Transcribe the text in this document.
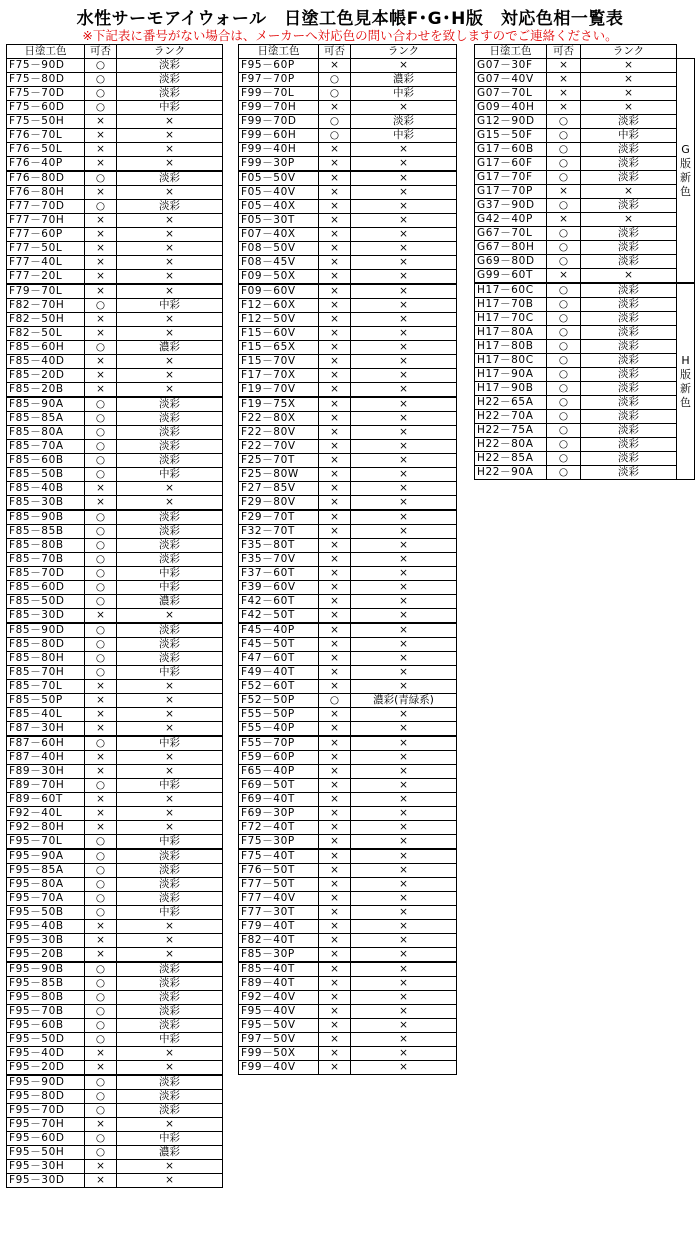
水性サーモアイウォール　日塗工色見本帳F･G･H版　対応色相一覧表
※下記表に番号がない場合は、メーカーへ対応色の問い合わせを致しますのでご連絡ください。
日塗工色	可否	ランク
F75－90D	○	淡彩
F75－80D	○	淡彩
F75－70D	○	淡彩
F75－60D	○	中彩
F75－50H	×	×
F76－70L	×	×
F76－50L	×	×
F76－40P	×	×
F76－80D	○	淡彩
F76－80H	×	×
F77－70D	○	淡彩
F77－70H	×	×
F77－60P	×	×
F77－50L	×	×
F77－40L	×	×
F77－20L	×	×
F79－70L	×	×
F82－70H	○	中彩
F82－50H	×	×
F82－50L	×	×
F85－60H	○	濃彩
F85－40D	×	×
F85－20D	×	×
F85－20B	×	×
F85－90A	○	淡彩
F85－85A	○	淡彩
F85－80A	○	淡彩
F85－70A	○	淡彩
F85－60B	○	淡彩
F85－50B	○	中彩
F85－40B	×	×
F85－30B	×	×
F85－90B	○	淡彩
F85－85B	○	淡彩
F85－80B	○	淡彩
F85－70B	○	淡彩
F85－70D	○	中彩
F85－60D	○	中彩
F85－50D	○	濃彩
F85－30D	×	×
F85－90D	○	淡彩
F85－80D	○	淡彩
F85－80H	○	淡彩
F85－70H	○	中彩
F85－70L	×	×
F85－50P	×	×
F85－40L	×	×
F87－30H	×	×
F87－60H	○	中彩
F87－40H	×	×
F89－30H	×	×
F89－70H	○	中彩
F89－60T	×	×
F92－40L	×	×
F92－80H	×	×
F95－70L	○	中彩
F95－90A	○	淡彩
F95－85A	○	淡彩
F95－80A	○	淡彩
F95－70A	○	淡彩
F95－50B	○	中彩
F95－40B	×	×
F95－30B	×	×
F95－20B	×	×
F95－90B	○	淡彩
F95－85B	○	淡彩
F95－80B	○	淡彩
F95－70B	○	淡彩
F95－60B	○	淡彩
F95－50D	○	中彩
F95－40D	×	×
F95－20D	×	×
F95－90D	○	淡彩
F95－80D	○	淡彩
F95－70D	○	淡彩
F95－70H	×	×
F95－60D	○	中彩
F95－50H	○	濃彩
F95－30H	×	×
F95－30D	×	×
日塗工色	可否	ランク
F95－60P	×	×
F97－70P	○	濃彩
F99－70L	○	中彩
F99－70H	×	×
F99－70D	○	淡彩
F99－60H	○	中彩
F99－40H	×	×
F99－30P	×	×
F05－50V	×	×
F05－40V	×	×
F05－40X	×	×
F05－30T	×	×
F07－40X	×	×
F08－50V	×	×
F08－45V	×	×
F09－50X	×	×
F09－60V	×	×
F12－60X	×	×
F12－50V	×	×
F15－60V	×	×
F15－65X	×	×
F15－70V	×	×
F17－70X	×	×
F19－70V	×	×
F19－75X	×	×
F22－80X	×	×
F22－80V	×	×
F22－70V	×	×
F25－70T	×	×
F25－80W	×	×
F27－85V	×	×
F29－80V	×	×
F29－70T	×	×
F32－70T	×	×
F35－80T	×	×
F35－70V	×	×
F37－60T	×	×
F39－60V	×	×
F42－60T	×	×
F42－50T	×	×
F45－40P	×	×
F45－50T	×	×
F47－60T	×	×
F49－40T	×	×
F52－60T	×	×
F52－50P	○	濃彩(青緑系)
F55－50P	×	×
F55－40P	×	×
F55－70P	×	×
F59－60P	×	×
F65－40P	×	×
F69－50T	×	×
F69－40T	×	×
F69－30P	×	×
F72－40T	×	×
F75－30P	×	×
F75－40T	×	×
F76－50T	×	×
F77－50T	×	×
F77－40V	×	×
F77－30T	×	×
F79－40T	×	×
F82－40T	×	×
F85－30P	×	×
F85－40T	×	×
F89－40T	×	×
F92－40V	×	×
F95－40V	×	×
F95－50V	×	×
F97－50V	×	×
F99－50X	×	×
F99－40V	×	×
日塗工色	可否	ランク	
G07－30F	×	×	G版新色
G07－40V	×	×	
G07－70L	×	×	
G09－40H	×	×	
G12－90D	○	淡彩	
G15－50F	○	中彩	
G17－60B	○	淡彩	
G17－60F	○	淡彩	
G17－70F	○	淡彩	
G17－70P	×	×	
G37－90D	○	淡彩	
G42－40P	×	×	
G67－70L	○	淡彩	
G67－80H	○	淡彩	
G69－80D	○	淡彩	
G99－60T	×	×	
H17－60C	○	淡彩	H版新色
H17－70B	○	淡彩	
H17－70C	○	淡彩	
H17－80A	○	淡彩	
H17－80B	○	淡彩	
H17－80C	○	淡彩	
H17－90A	○	淡彩	
H17－90B	○	淡彩	
H22－65A	○	淡彩	
H22－70A	○	淡彩	
H22－75A	○	淡彩	
H22－80A	○	淡彩	
H22－85A	○	淡彩	
H22－90A	○	淡彩	
